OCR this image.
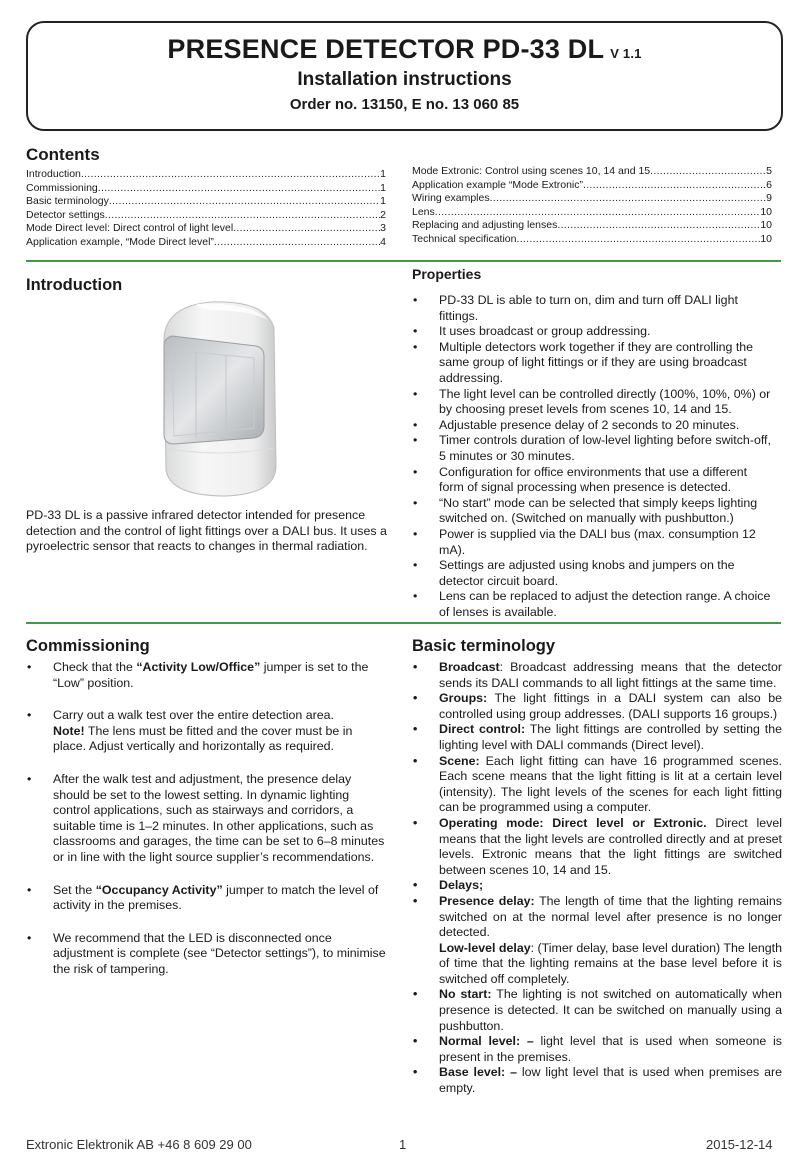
PRESENCE DETECTOR PD-33 DL V 1.1
Installation instructions
Order no. 13150, E no. 13 060 85
Contents
Introduction .....	1
Commissioning .....	1
Basic terminology .....	1
Detector settings .....	2
Mode Direct level: Direct control of light level .....	3
Application example, “Mode Direct level” .....	4
Mode Extronic: Control using scenes 10, 14 and 15 .....	5
Application example “Mode Extronic” .....	6
Wiring examples .....	9
Lens .....	10
Replacing and adjusting lenses .....	10
Technical specification .....	10
Introduction
PD-33 DL is a passive infrared detector intended for presence detection and the control of light fittings over a DALI bus. It uses a pyroelectric sensor that reacts to changes in thermal radiation.
Properties
• PD-33 DL is able to turn on, dim and turn off DALI light fittings.
• It uses broadcast or group addressing.
• Multiple detectors work together if they are controlling the same group of light fittings or if they are using broadcast addressing.
• The light level can be controlled directly (100%, 10%, 0%) or by choosing preset levels from scenes 10, 14 and 15.
• Adjustable presence delay of 2 seconds to 20 minutes.
• Timer controls duration of low-level lighting before switch-off, 5 minutes or 30 minutes.
• Configuration for office environments that use a different form of signal processing when presence is detected.
• “No start” mode can be selected that simply keeps lighting switched on. (Switched on manually with pushbutton.)
• Power is supplied via the DALI bus (max. consumption 12 mA).
• Settings are adjusted using knobs and jumpers on the detector circuit board.
• Lens can be replaced to adjust the detection range. A choice of lenses is available.
Commissioning
• Check that the “Activity Low/Office” jumper is set to the “Low” position.
• Carry out a walk test over the entire detection area.
Note! The lens must be fitted and the cover must be in place. Adjust vertically and horizontally as required.
• After the walk test and adjustment, the presence delay should be set to the lowest setting. In dynamic lighting control applications, such as stairways and corridors, a suitable time is 1–2 minutes. In other applications, such as classrooms and garages, the time can be set to 6–8 minutes or in line with the light source supplier’s recommendations.
• Set the “Occupancy Activity” jumper to match the level of activity in the premises.
• We recommend that the LED is disconnected once adjustment is complete (see “Detector settings”), to minimise the risk of tampering.
Basic terminology
• Broadcast: Broadcast addressing means that the detector sends its DALI commands to all light fittings at the same time.
• Groups: The light fittings in a DALI system can also be controlled using group addresses. (DALI supports 16 groups.)
• Direct control: The light fittings are controlled by setting the lighting level with DALI commands (Direct level).
• Scene: Each light fitting can have 16 programmed scenes. Each scene means that the light fitting is lit at a certain level (intensity). The light levels of the scenes for each light fitting can be programmed using a computer.
• Operating mode: Direct level or Extronic. Direct level means that the light levels are controlled directly and at preset levels. Extronic means that the light fittings are switched between scenes 10, 14 and 15.
• Delays;
• Presence delay: The length of time that the lighting remains switched on at the normal level after presence is no longer detected.
Low-level delay: (Timer delay, base level duration) The length of time that the lighting remains at the base level before it is switched off completely.
• No start: The lighting is not switched on automatically when presence is detected. It can be switched on manually using a pushbutton.
• Normal level: – light level that is used when someone is present in the premises.
• Base level: – low light level that is used when premises are empty.
Extronic Elektronik AB +46 8 609 29 00	1	2015-12-14
